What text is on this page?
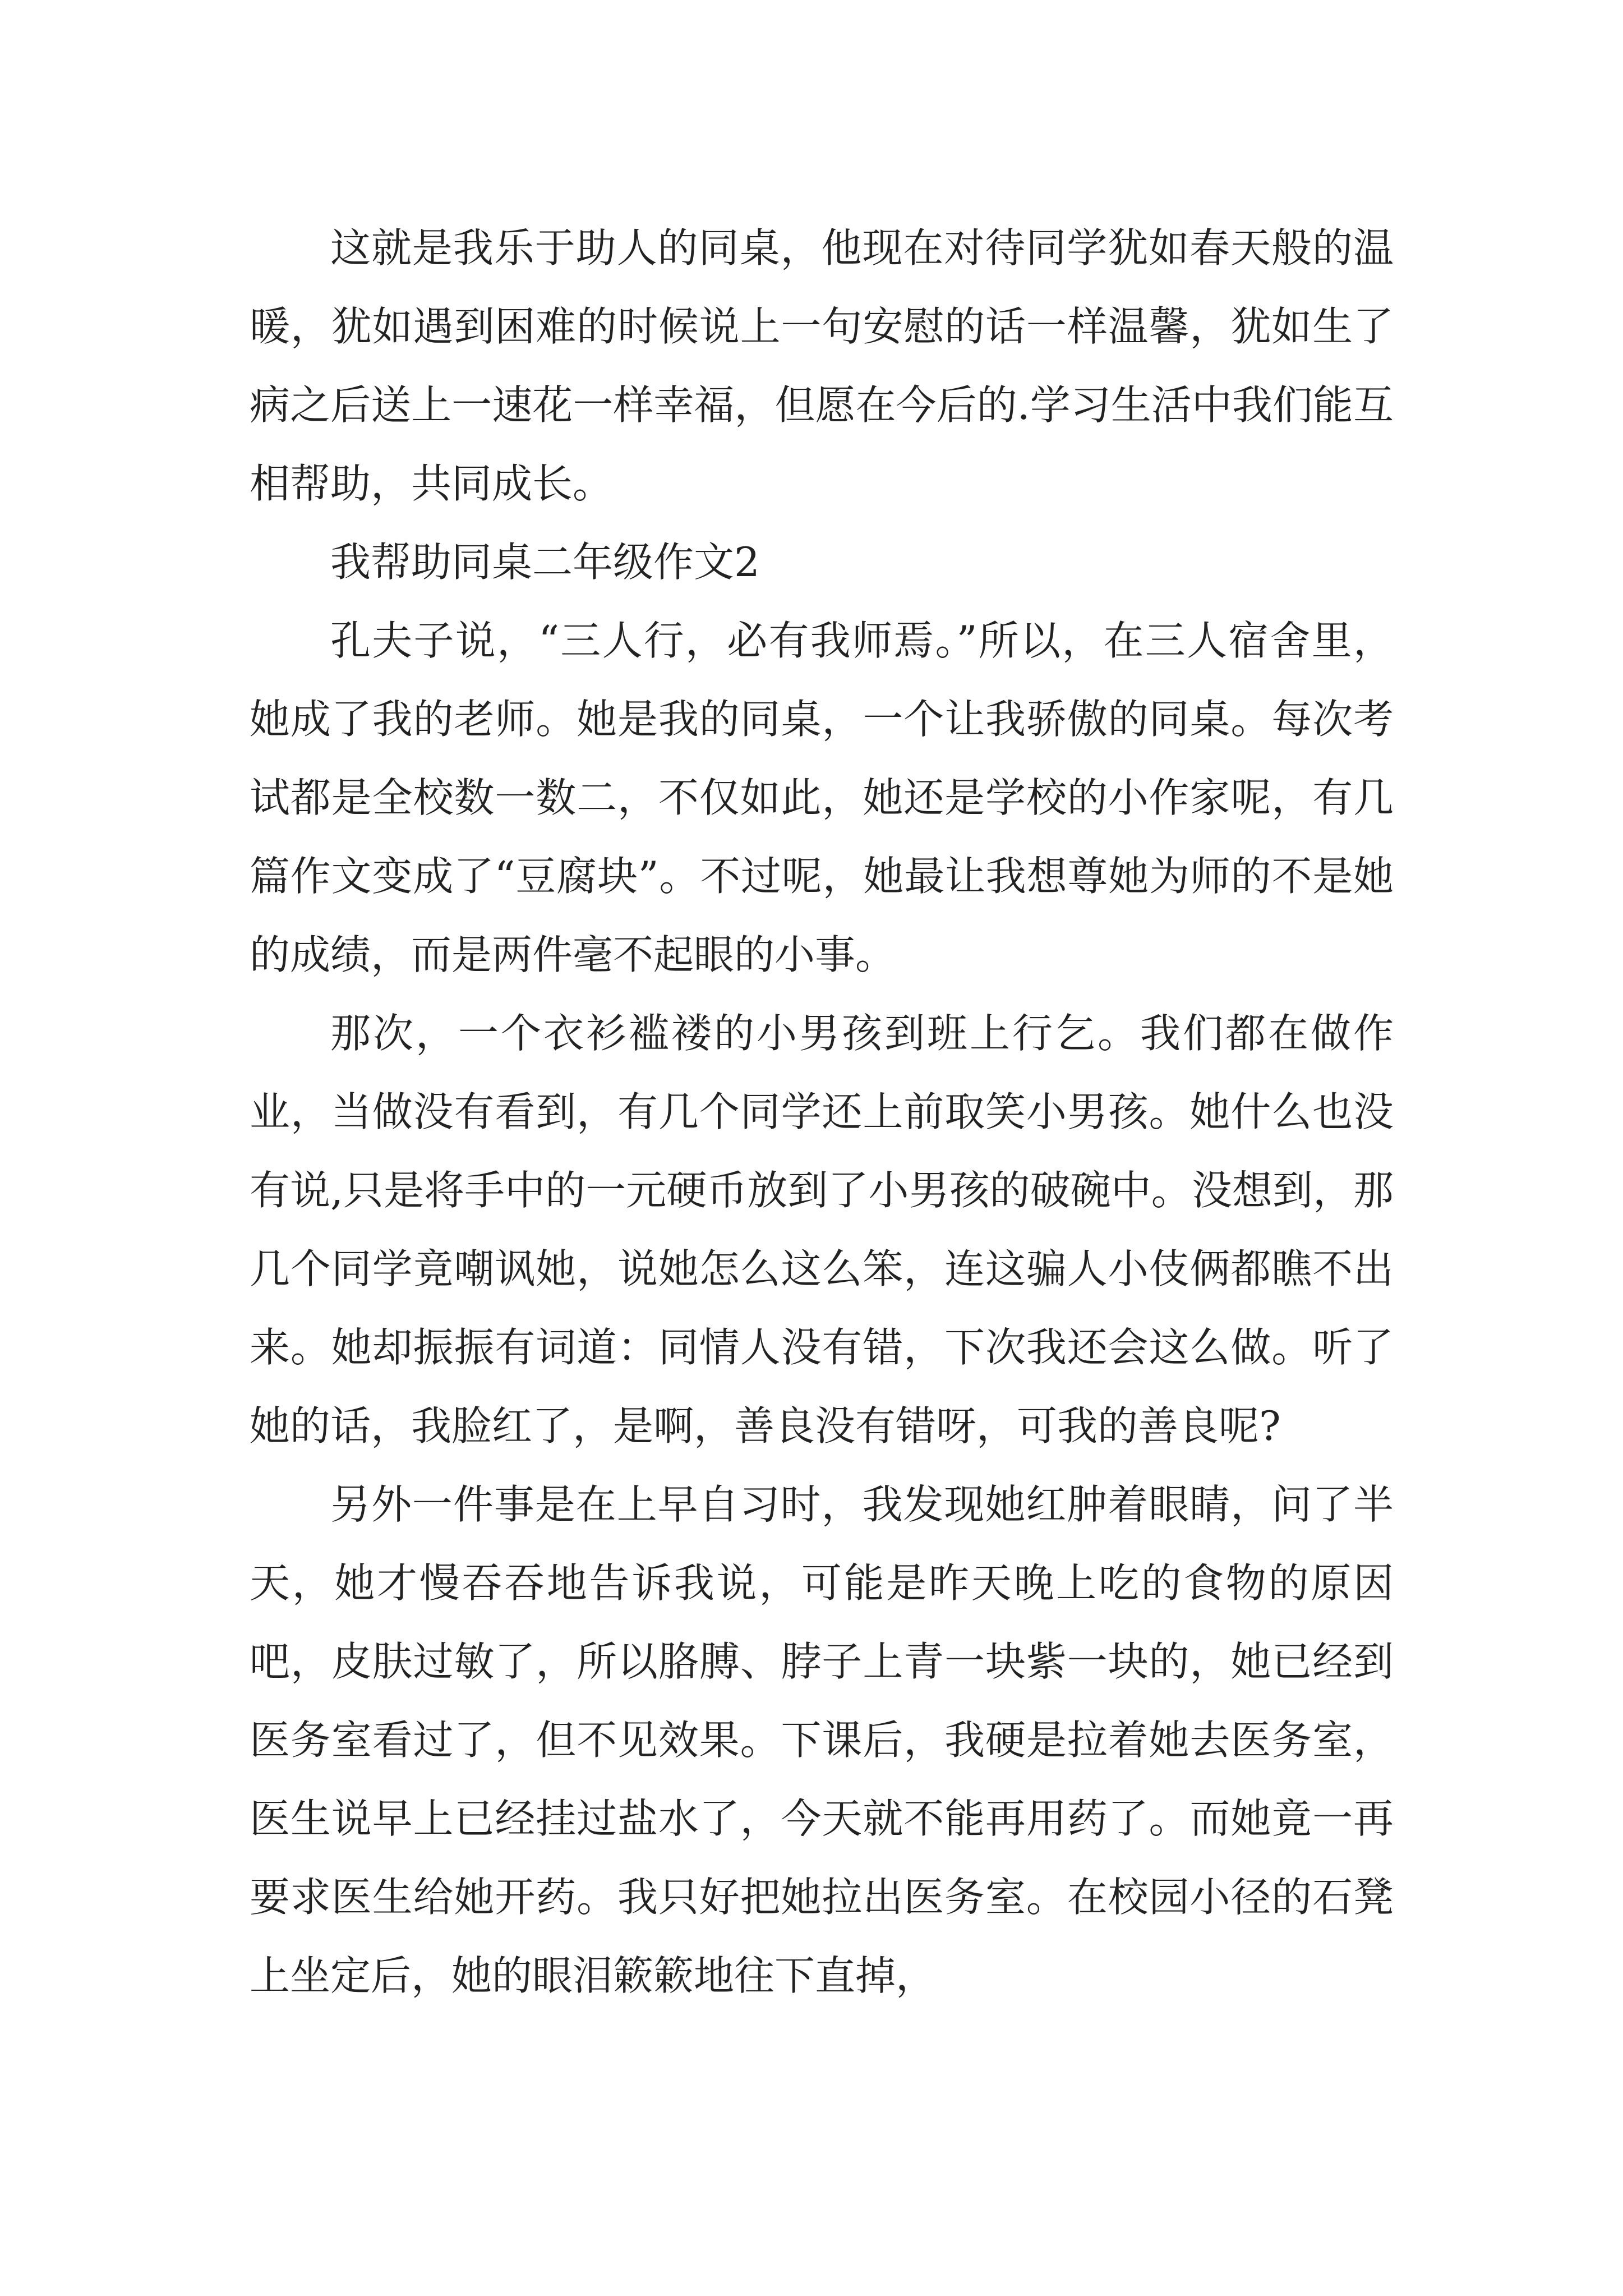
这就是我乐于助人的同桌，他现在对待同学犹如春天般的温暖，犹如遇到困难的时候说上一句安慰的话一样温馨，犹如生了病之后送上一速花一样幸福，但愿在今后的.学习生活中我们能互相帮助，共同成长。

我帮助同桌二年级作文2

孔夫子说，“三人行，必有我师焉。”所以，在三人宿舍里，她成了我的老师。她是我的同桌，一个让我骄傲的同桌。每次考试都是全校数一数二，不仅如此，她还是学校的小作家呢，有几篇作文变成了“豆腐块”。不过呢，她最让我想尊她为师的不是她的成绩，而是两件毫不起眼的小事。

那次，一个衣衫褴褛的小男孩到班上行乞。我们都在做作业，当做没有看到，有几个同学还上前取笑小男孩。她什么也没有说,只是将手中的一元硬币放到了小男孩的破碗中。没想到，那几个同学竟嘲讽她，说她怎么这么笨，连这骗人小伎俩都瞧不出来。她却振振有词道：同情人没有错，下次我还会这么做。听了她的话，我脸红了，是啊，善良没有错呀，可我的善良呢?

另外一件事是在上早自习时，我发现她红肿着眼睛，问了半天，她才慢吞吞地告诉我说，可能是昨天晚上吃的食物的原因吧，皮肤过敏了，所以胳膊、脖子上青一块紫一块的，她已经到医务室看过了，但不见效果。下课后，我硬是拉着她去医务室，医生说早上已经挂过盐水了，今天就不能再用药了。而她竟一再要求医生给她开药。我只好把她拉出医务室。在校园小径的石凳上坐定后，她的眼泪簌簌地往下直掉，
